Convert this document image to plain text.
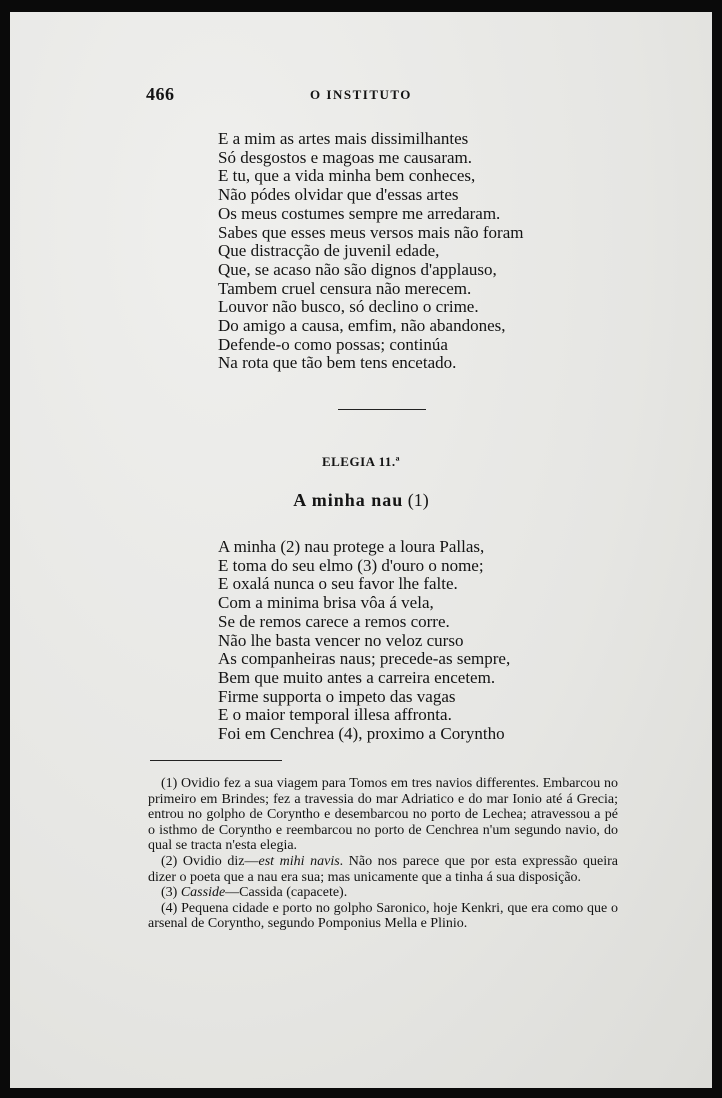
466	O INSTITUTO
E a mim as artes mais dissimilhantes
Só desgostos e magoas me causaram.
E tu, que a vida minha bem conheces,
Não pódes olvidar que d'essas artes
Os meus costumes sempre me arredaram.
Sabes que esses meus versos mais não foram
Que distracção de juvenil edade,
Que, se acaso não são dignos d'applauso,
Tambem cruel censura não merecem.
Louvor não busco, só declino o crime.
Do amigo a causa, emfim, não abandones,
Defende-o como possas; continúa
Na rota que tão bem tens encetado.
ELEGIA 11.ª
A minha nau (1)
A minha (2) nau protege a loura Pallas,
E toma do seu elmo (3) d'ouro o nome;
E oxalá nunca o seu favor lhe falte.
Com a minima brisa vôa á vela,
Se de remos carece a remos corre.
Não lhe basta vencer no veloz curso
As companheiras naus; precede-as sempre,
Bem que muito antes a carreira encetem.
Firme supporta o impeto das vagas
E o maior temporal illesa affronta.
Foi em Cenchrea (4), proximo a Corynthо

(1) Ovidio fez a sua viagem para Tomos em tres navios differentes. Embarcou no primeiro em Brindes; fez a travessia do mar Adriatico e do mar Ionio até á Grecia; entrou no golpho de Corynthо e desembarcou no porto de Lechea; atravessou a pé o isthmo de Corynthо e reembarcou no porto de Cenchrea n'um segundo navio, do qual se tracta n'esta elegia.

(2) Ovidio diz—est mihi navis. Não nos parece que por esta expressão queira dizer o poeta que a nau era sua; mas unicamente que a tinha á sua disposição.

(3) Casside—Cassida (capacete).

(4) Pequena cidade e porto no golpho Saronico, hoje Kenkri, que era como que o arsenal de Corynthо, segundo Pomponius Mella e Plinio.
